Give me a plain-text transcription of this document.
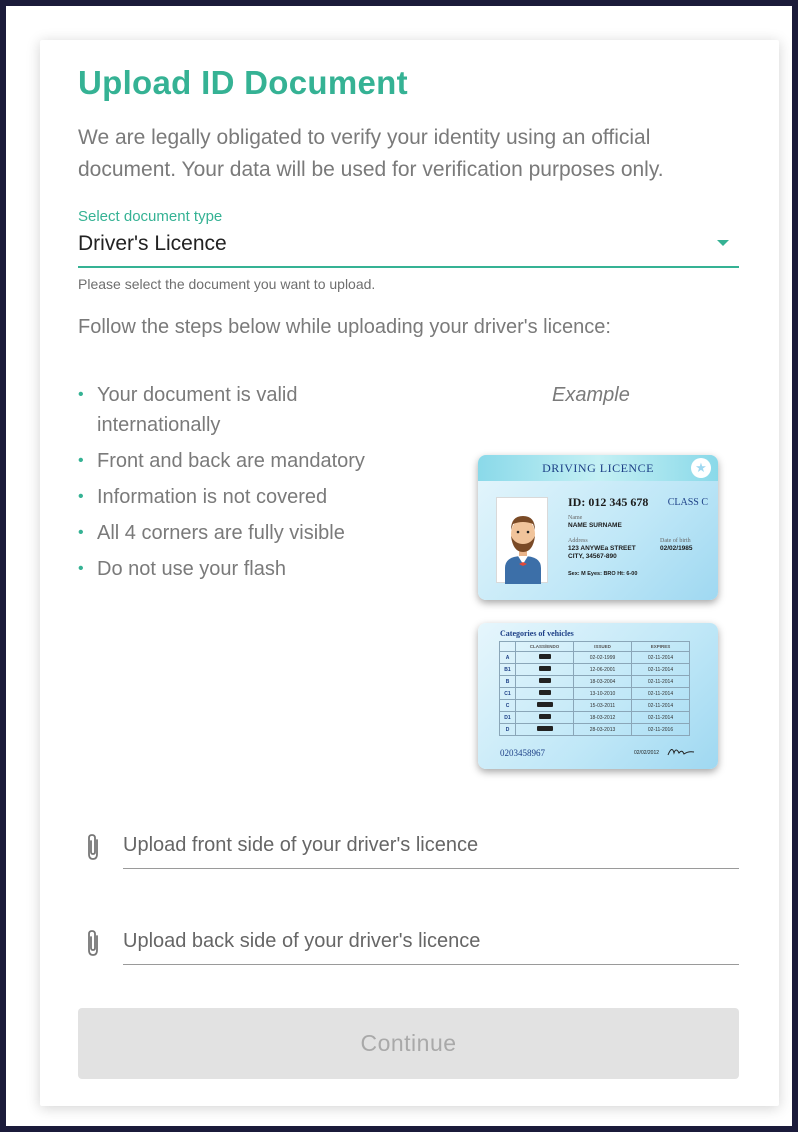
Upload ID Document

We are legally obligated to verify your identity using an official document. Your data will be used for verification purposes only.

Select document type
Driver's Licence

Please select the document you want to upload.

Follow the steps below while uploading your driver's licence:

• Your document is valid internationally
• Front and back are mandatory
• Information is not covered
• All 4 corners are fully visible
• Do not use your flash
Example
DRIVING LICENCE	★
ID: 012 345 678 CLASS C
Name
NAME SURNAME
Address
123 ANYWEa STREET
CITY, 34567-890
Date of birth
02/02/1985
Sex: M Eyes: BRO Ht: 6-00
Categories of vehicles
	CLASS/ENDO	ISSUED	EXPIRES
A		02-02-1999	02-11-2014
B1		12-06-2001	02-11-2014
B		18-03-2004	02-11-2014
C1		13-10-2010	02-11-2014
C		15-03-2011	02-11-2014
D1		18-03-2012	02-11-2014
D		28-03-2013	02-11-2016
0203458967	02/02/2012
Upload front side of your driver's licence
Upload back side of your driver's licence
Continue
